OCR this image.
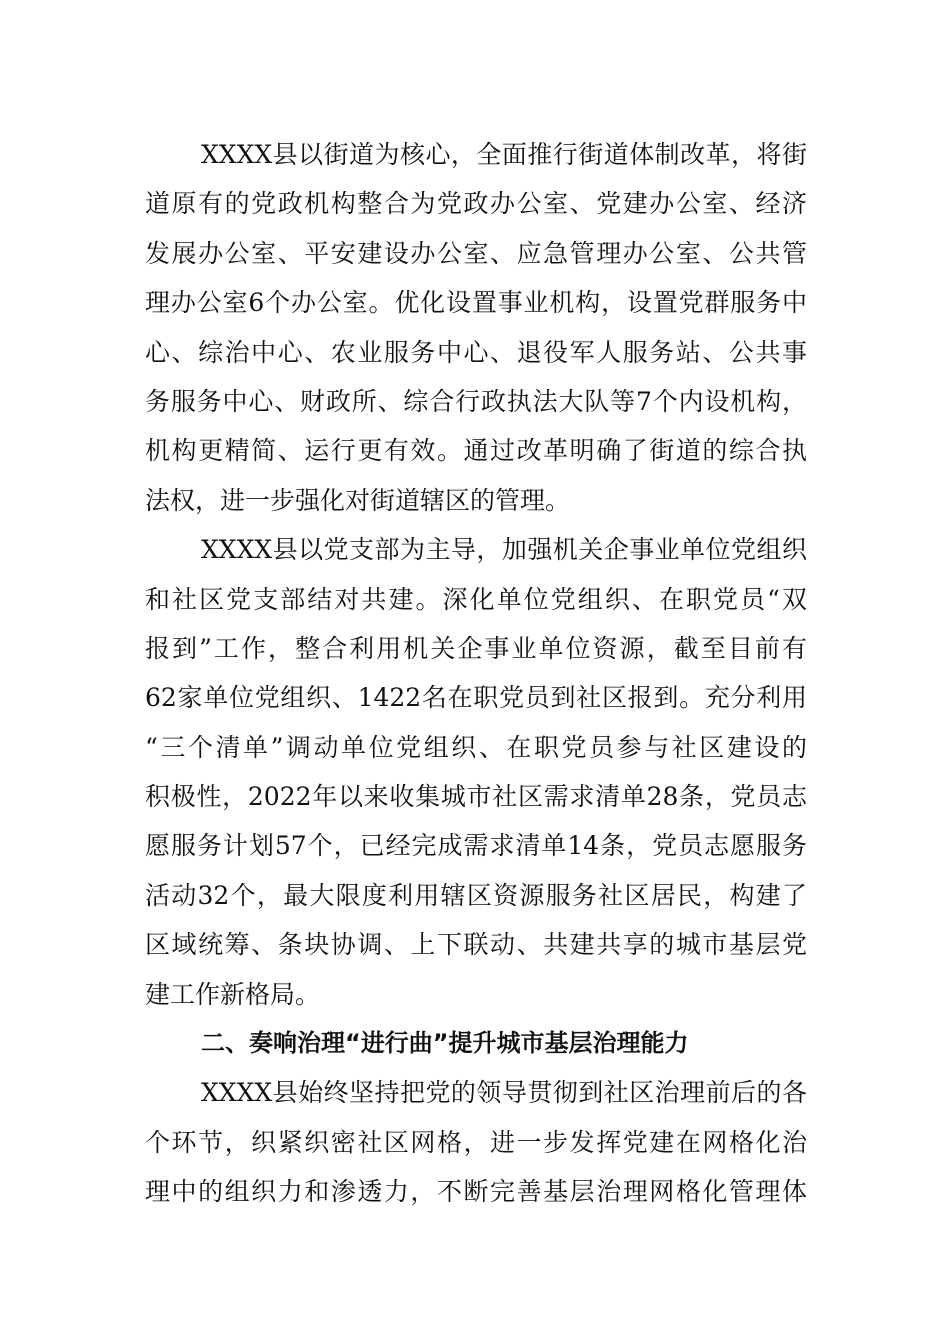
XXXX县以街道为核心，全面推行街道体制改革，将街
道原有的党政机构整合为党政办公室、党建办公室、经济
发展办公室、平安建设办公室、应急管理办公室、公共管
理办公室6个办公室。优化设置事业机构，设置党群服务中
心、综治中心、农业服务中心、退役军人服务站、公共事
务服务中心、财政所、综合行政执法大队等7个内设机构，
机构更精简、运行更有效。通过改革明确了街道的综合执
法权，进一步强化对街道辖区的管理。
XXXX县以党支部为主导，加强机关企事业单位党组织
和社区党支部结对共建。深化单位党组织、在职党员“双
报到”工作，整合利用机关企事业单位资源，截至目前有
62家单位党组织、1422名在职党员到社区报到。充分利用
“三个清单”调动单位党组织、在职党员参与社区建设的
积极性，2022年以来收集城市社区需求清单28条，党员志
愿服务计划57个，已经完成需求清单14条，党员志愿服务
活动32个，最大限度利用辖区资源服务社区居民，构建了
区域统筹、条块协调、上下联动、共建共享的城市基层党
建工作新格局。
二、奏响治理“进行曲”提升城市基层治理能力
XXXX县始终坚持把党的领导贯彻到社区治理前后的各
个环节，织紧织密社区网格，进一步发挥党建在网格化治
理中的组织力和渗透力，不断完善基层治理网格化管理体
